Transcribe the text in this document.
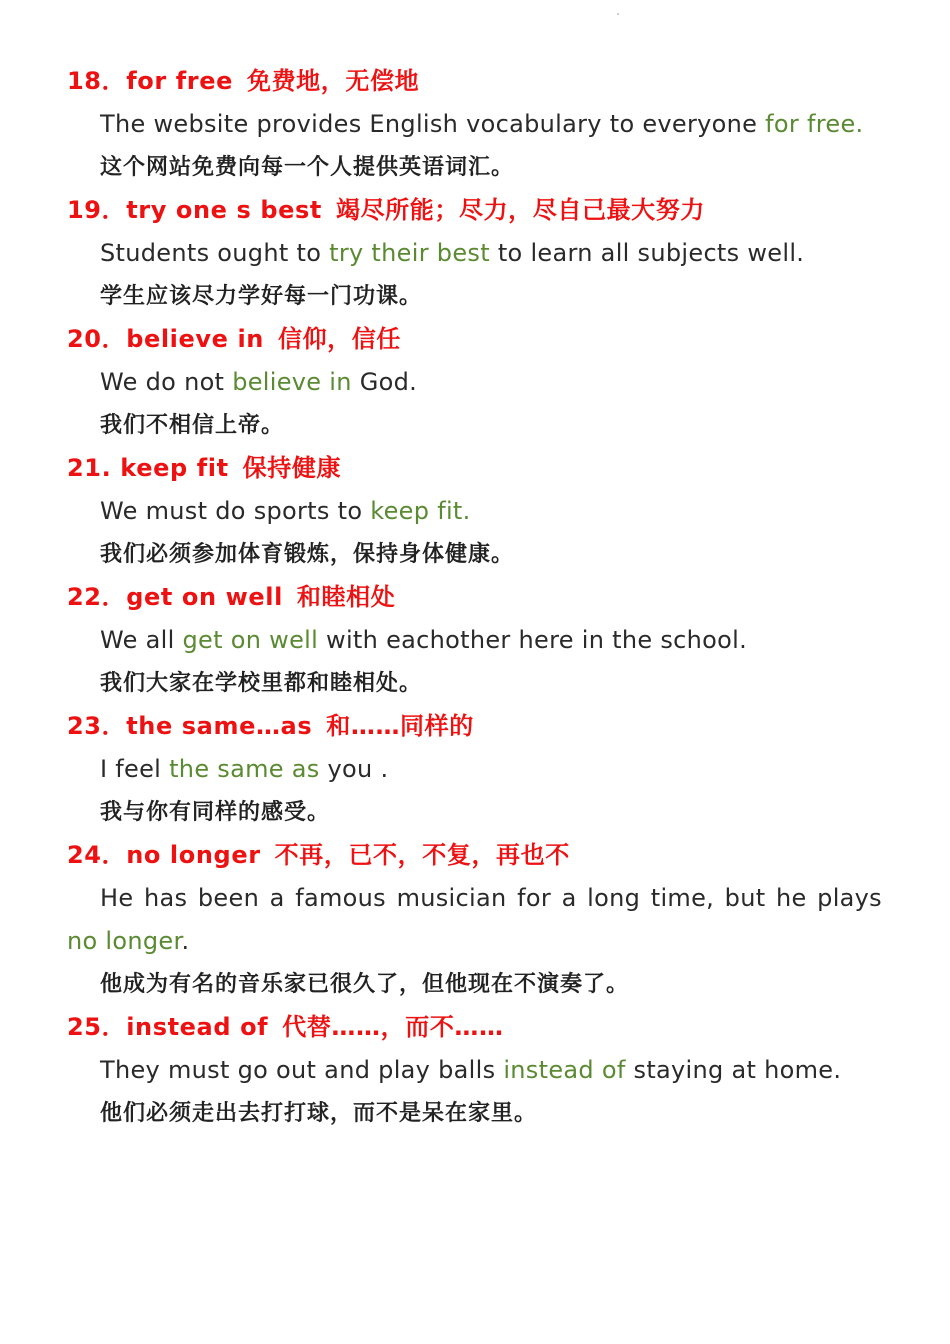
18．for free 免费地，无偿地
The website provides English vocabulary to everyone for free.
这个网站免费向每一个人提供英语词汇。
19．try one s best 竭尽所能；尽力，尽自己最大努力
Students ought to try their best to learn all subjects well.
学生应该尽力学好每一门功课。
20．believe in 信仰，信任
We do not believe in God.
我们不相信上帝。
21. keep fit 保持健康
We must do sports to keep fit.
我们必须参加体育锻炼，保持身体健康。
22．get on well 和睦相处
We all get on well with eachother here in the school.
我们大家在学校里都和睦相处。
23．the same…as 和……同样的
I feel the same as you .
我与你有同样的感受。
24．no longer 不再，已不，不复，再也不
He has been a famous musician for a long time, but he plays no longer.
他成为有名的音乐家已很久了，但他现在不演奏了。
25．instead of 代替……，而不……
They must go out and play balls instead of staying at home.
他们必须走出去打打球，而不是呆在家里。
